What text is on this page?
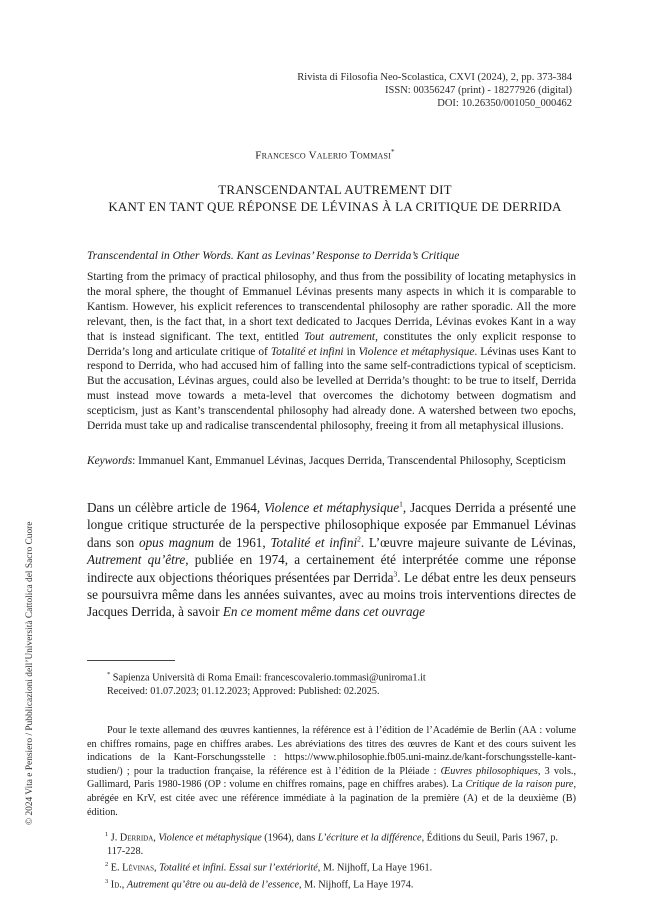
Rivista di Filosofia Neo-Scolastica, CXVI (2024), 2, pp. 373-384
ISSN: 00356247 (print) - 18277926 (digital)
DOI: 10.26350/001050_000462
Francesco Valerio Tommasi*
TRANSCENDANTAL AUTREMENT DIT
KANT EN TANT QUE RÉPONSE DE LÉVINAS À LA CRITIQUE DE DERRIDA
Transcendental in Other Words. Kant as Levinas’ Response to Derrida’s Critique

Starting from the primacy of practical philosophy, and thus from the possibility of locating metaphysics in the moral sphere, the thought of Emmanuel Lévinas presents many aspects in which it is comparable to Kantism. However, his explicit references to transcendental philosophy are rather sporadic. All the more relevant, then, is the fact that, in a short text dedicated to Jacques Derrida, Lévinas evokes Kant in a way that is instead significant. The text, entitled Tout autrement, constitutes the only explicit response to Derrida’s long and articulate critique of Totalité et infini in Violence et métaphysique. Lévinas uses Kant to respond to Derrida, who had accused him of falling into the same self-contradictions typical of scepticism. But the accusation, Lévinas argues, could also be levelled at Derrida’s thought: to be true to itself, Derrida must instead move towards a meta-level that overcomes the dichotomy between dogmatism and scepticism, just as Kant’s transcendental philosophy had already done. A watershed between two epochs, Derrida must take up and radicalise transcendental philosophy, freeing it from all metaphysical illusions.

Keywords: Immanuel Kant, Emmanuel Lévinas, Jacques Derrida, Transcendental Philosophy, Scepticism

Dans un célèbre article de 1964, Violence et métaphysique$^1$, Jacques Derrida a présenté une longue critique structurée de la perspective philosophique exposée par Emmanuel Lévinas dans son opus magnum de 1961, Totalité et infini$^2$. L’œuvre majeure suivante de Lévinas, Autrement qu’être, publiée en 1974, a certainement été interprétée comme une réponse indirecte aux objections théoriques présentées par Derrida$^3$. Le débat entre les deux penseurs se poursuivra même dans les années suivantes, avec au moins trois interventions directes de Jacques Derrida, à savoir En ce moment même dans cet ouvrage

* Sapienza Università di Roma Email: francescovalerio.tommasi@uniroma1.it
Received: 01.07.2023; 01.12.2023; Approved: Published: 02.2025.

Pour le texte allemand des œuvres kantiennes, la référence est à l’édition de l’Académie de Berlin (AA : volume en chiffres romains, page en chiffres arabes. Les abréviations des titres des œuvres de Kant et des cours suivent les indications de la Kant-Forschungsstelle : https://www.philosophie.fb05.uni-mainz.de/kant-forschungsstelle-kant-studien/) ; pour la traduction française, la référence est à l’édition de la Pléiade : Œuvres philosophiques, 3 vols., Gallimard, Paris 1980-1986 (OP : volume en chiffres romains, page en chiffres arabes). La Critique de la raison pure, abrégée en KrV, est citée avec une référence immédiate à la pagination de la première (A) et de la deuxième (B) édition.

$^1$ J. Derrida, Violence et métaphysique (1964), dans L’écriture et la différence, Éditions du Seuil, Paris 1967, p. 117-228.
$^2$ E. Lévinas, Totalité et infini. Essai sur l’extériorité, M. Nijhoff, La Haye 1961.
$^3$ Id., Autrement qu’être ou au-delà de l’essence, M. Nijhoff, La Haye 1974.
© 2024 Vita e Pensiero / Pubblicazioni dell’Università Cattolica del Sacro Cuore
